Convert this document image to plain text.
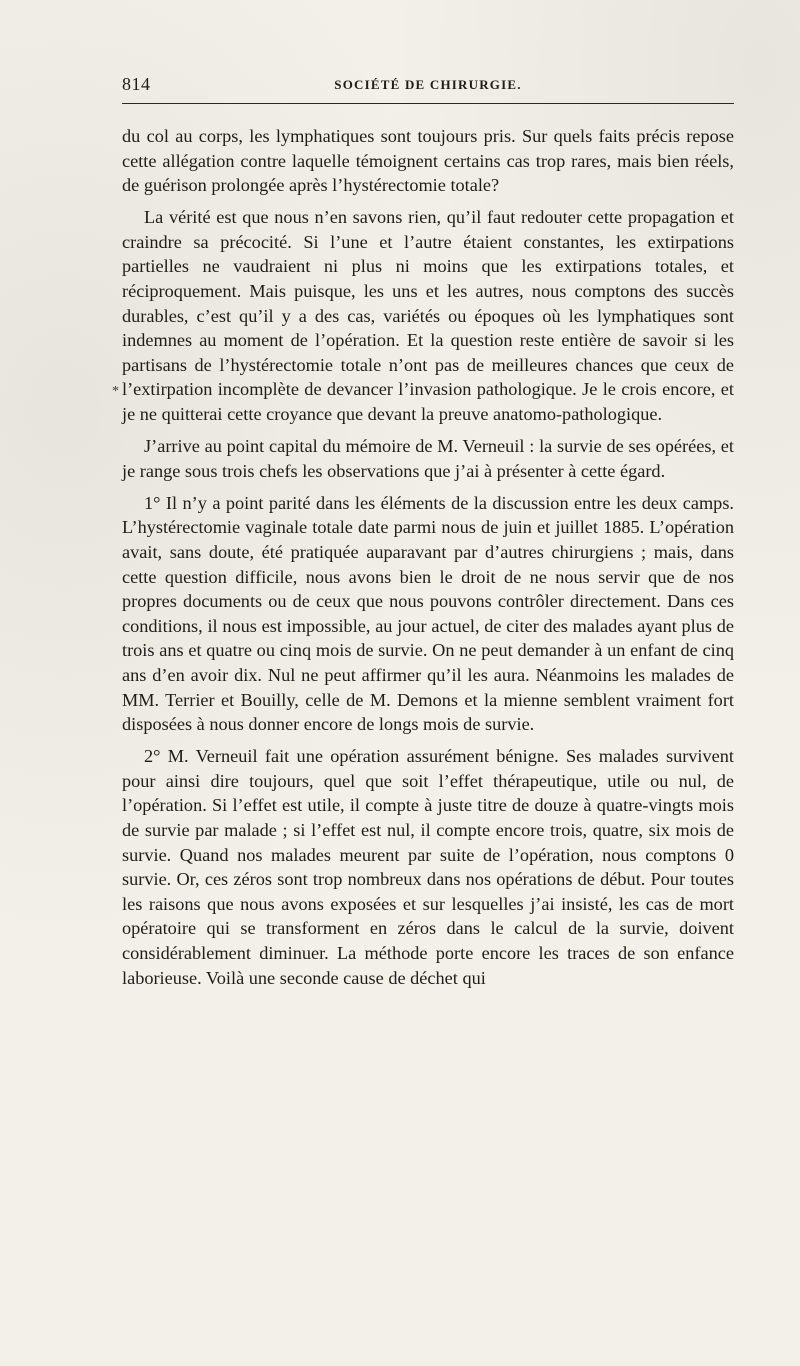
814	SOCIÉTÉ DE CHIRURGIE.
*

du col au corps, les lymphatiques sont toujours pris. Sur quels faits précis repose cette allégation contre laquelle témoignent certains cas trop rares, mais bien réels, de guérison prolongée après l’hystérectomie totale?

La vérité est que nous n’en savons rien, qu’il faut redouter cette propagation et craindre sa précocité. Si l’une et l’autre étaient constantes, les extirpations partielles ne vaudraient ni plus ni moins que les extirpations totales, et réciproquement. Mais puisque, les uns et les autres, nous comptons des succès durables, c’est qu’il y a des cas, variétés ou époques où les lymphatiques sont indemnes au moment de l’opération. Et la question reste entière de savoir si les partisans de l’hystérectomie totale n’ont pas de meilleures chances que ceux de l’extirpation incomplète de devancer l’invasion pathologique. Je le crois encore, et je ne quitterai cette croyance que devant la preuve anatomo-pathologique.

J’arrive au point capital du mémoire de M. Verneuil : la survie de ses opérées, et je range sous trois chefs les observations que j’ai à présenter à cette égard.

1° Il n’y a point parité dans les éléments de la discussion entre les deux camps. L’hystérectomie vaginale totale date parmi nous de juin et juillet 1885. L’opération avait, sans doute, été pratiquée auparavant par d’autres chirurgiens ; mais, dans cette question difficile, nous avons bien le droit de ne nous servir que de nos propres documents ou de ceux que nous pouvons contrôler directement. Dans ces conditions, il nous est impossible, au jour actuel, de citer des malades ayant plus de trois ans et quatre ou cinq mois de survie. On ne peut demander à un enfant de cinq ans d’en avoir dix. Nul ne peut affirmer qu’il les aura. Néanmoins les malades de MM. Terrier et Bouilly, celle de M. Demons et la mienne semblent vraiment fort disposées à nous donner encore de longs mois de survie.

2° M. Verneuil fait une opération assurément bénigne. Ses malades survivent pour ainsi dire toujours, quel que soit l’effet thérapeutique, utile ou nul, de l’opération. Si l’effet est utile, il compte à juste titre de douze à quatre-vingts mois de survie par malade ; si l’effet est nul, il compte encore trois, quatre, six mois de survie. Quand nos malades meurent par suite de l’opération, nous comptons 0 survie. Or, ces zéros sont trop nombreux dans nos opérations de début. Pour toutes les raisons que nous avons exposées et sur lesquelles j’ai insisté, les cas de mort opératoire qui se transforment en zéros dans le calcul de la survie, doivent considérablement diminuer. La méthode porte encore les traces de son enfance laborieuse. Voilà une seconde cause de déchet qui
